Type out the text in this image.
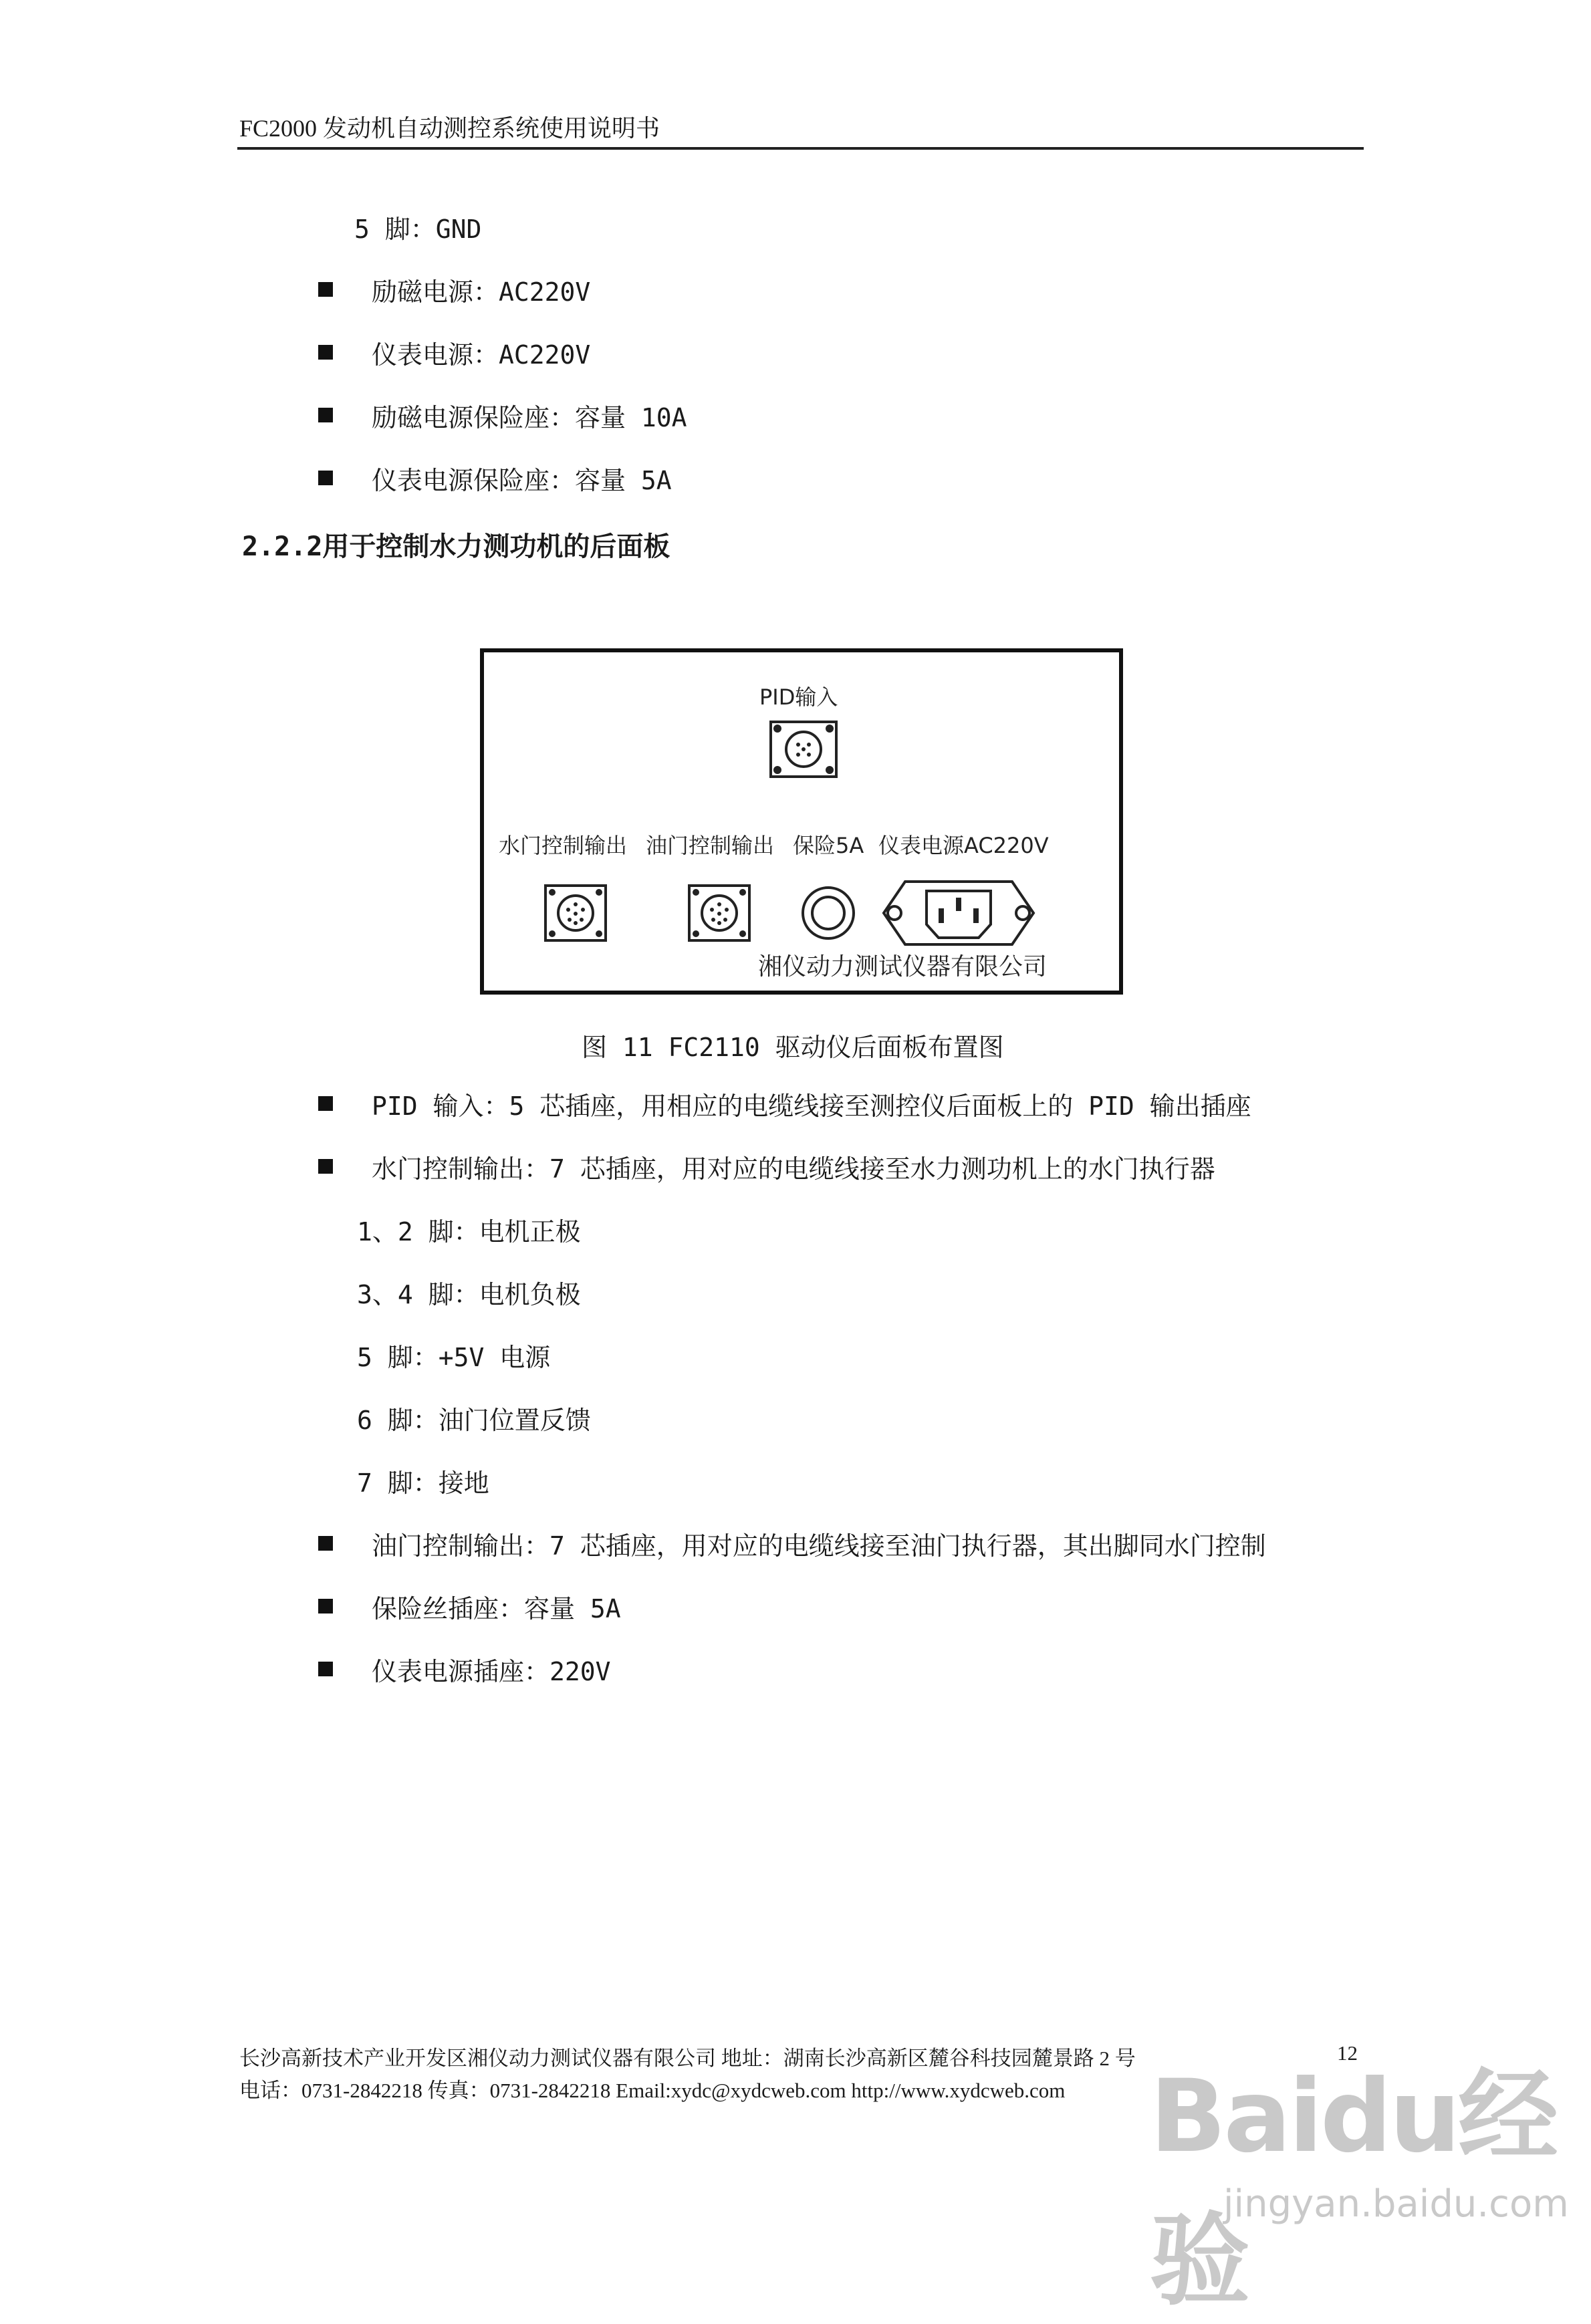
FC2000 发动机自动测控系统使用说明书
5 脚：GND
励磁电源：AC220V
仪表电源：AC220V
励磁电源保险座：容量 10A
仪表电源保险座：容量 5A
2.2.2用于控制水力测功机的后面板
PID输入
水门控制输出 油门控制输出 保险5A 仪表电源AC220V
湘仪动力测试仪器有限公司
图 11 FC2110 驱动仪后面板布置图
PID 输入：5 芯插座，用相应的电缆线接至测控仪后面板上的 PID 输出插座
水门控制输出：7 芯插座，用对应的电缆线接至水力测功机上的水门执行器
1、2 脚：电机正极
3、4 脚：电机负极
5 脚：+5V 电源
6 脚：油门位置反馈
7 脚：接地
油门控制输出：7 芯插座，用对应的电缆线接至油门执行器，其出脚同水门控制
保险丝插座：容量 5A
仪表电源插座：220V
长沙高新技术产业开发区湘仪动力测试仪器有限公司 地址：湖南长沙高新区麓谷科技园麓景路 2 号	12
电话：0731-2842218 传真：0731-2842218 Email:xydc@xydcweb.com http://www.xydcweb.com Baidu经验
jingyan.baidu.com
